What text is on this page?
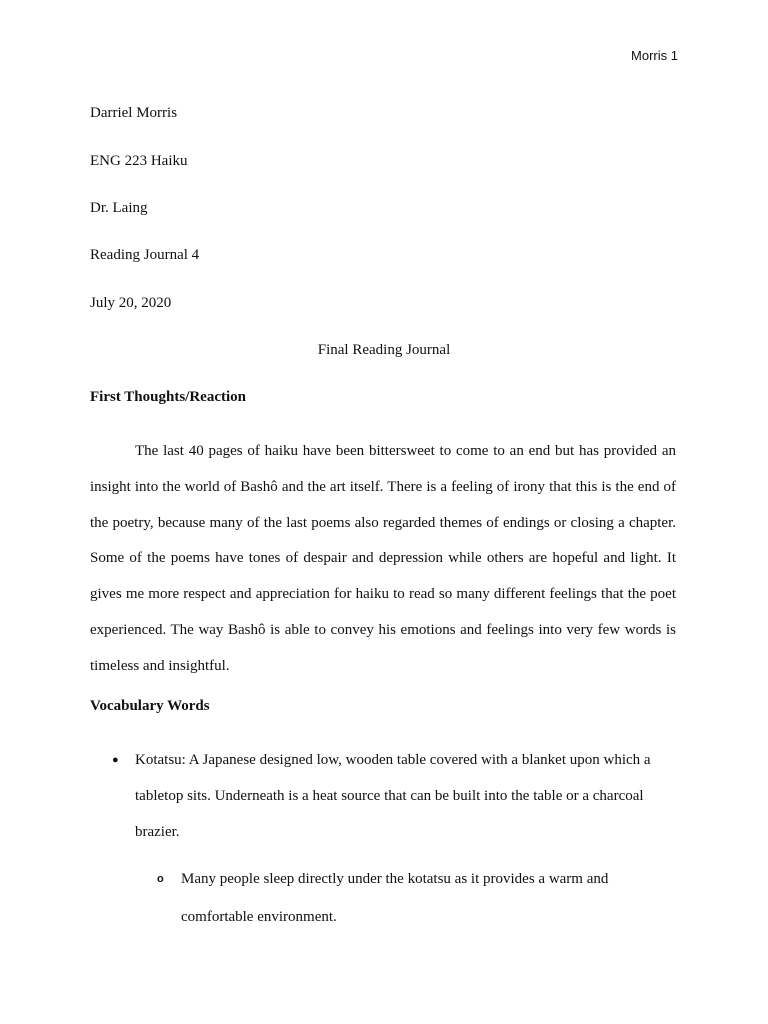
Morris 1
Darriel Morris
ENG 223 Haiku
Dr. Laing
Reading Journal 4
July 20, 2020
Final Reading Journal
First Thoughts/Reaction

The last 40 pages of haiku have been bittersweet to come to an end but has provided an insight into the world of Bashô and the art itself. There is a feeling of irony that this is the end of the poetry, because many of the last poems also regarded themes of endings or closing a chapter. Some of the poems have tones of despair and depression while others are hopeful and light. It gives me more respect and appreciation for haiku to read so many different feelings that the poet experienced. The way Bashô is able to convey his emotions and feelings into very few words is timeless and insightful.

Vocabulary Words
● Kotatsu: A Japanese designed low, wooden table covered with a blanket upon which a tabletop sits. Underneath is a heat source that can be built into the table or a charcoal brazier.
o Many people sleep directly under the kotatsu as it provides a warm and comfortable environment.
